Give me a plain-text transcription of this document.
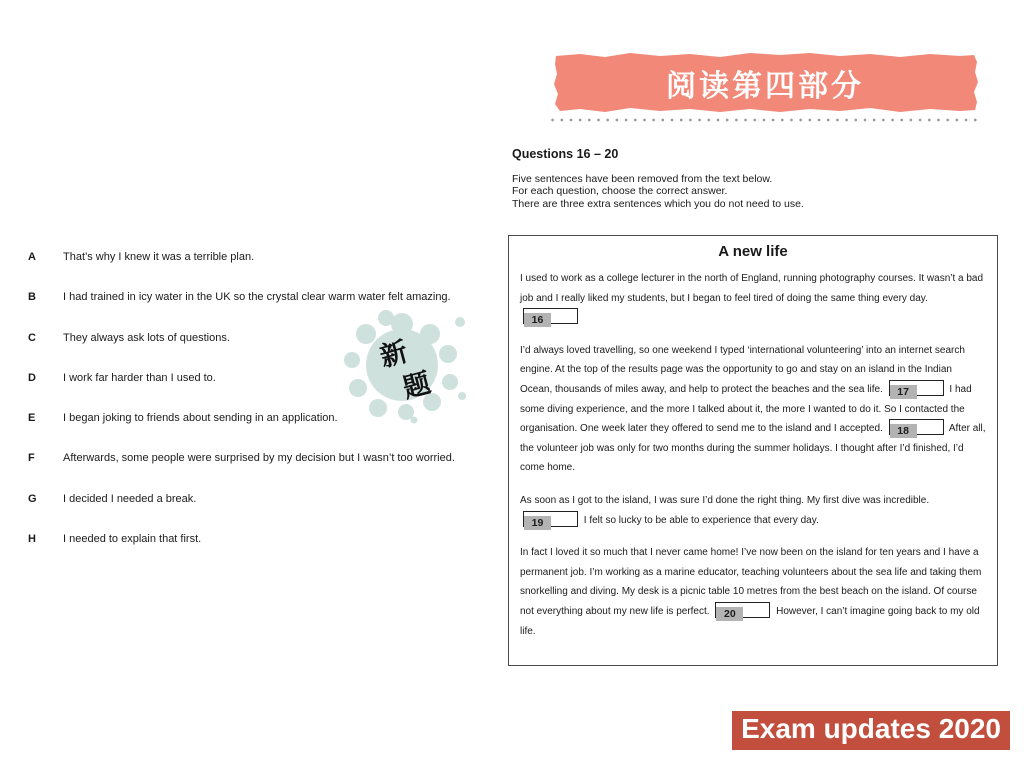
阅读第四部分
Questions 16 – 20
Five sentences have been removed from the text below.
For each question, choose the correct answer.
There are three extra sentences which you do not need to use.
A	That’s why I knew it was a terrible plan.
B	I had trained in icy water in the UK so the crystal clear warm water felt amazing.
C	They always ask lots of questions.
D	I work far harder than I used to.
E	I began joking to friends about sending in an application.
F	Afterwards, some people were surprised by my decision but I wasn’t too worried.
G	I decided I needed a break.
H	I needed to explain that first.
新
题
A new life
I used to work as a college lecturer in the north of England, running photography courses. It wasn’t a bad job and I really liked my students, but I began to feel tired of doing the same thing every day.
16
I’d always loved travelling, so one weekend I typed ‘international volunteering’ into an internet search engine. At the top of the results page was the opportunity to go and stay on an island in the Indian Ocean, thousands of miles away, and help to protect the beaches and the sea life. 17	I had some diving experience, and the more I talked about it, the more I wanted to do it. So I contacted the organisation. One week later they offered to send me to the island and I accepted. 18	After all, the volunteer job was only for two months during the summer holidays. I thought after I’d finished, I’d come home.
As soon as I got to the island, I was sure I’d done the right thing. My first dive was incredible.
19	I felt so lucky to be able to experience that every day.
In fact I loved it so much that I never came home! I’ve now been on the island for ten years and I have a permanent job. I’m working as a marine educator, teaching volunteers about the sea life and taking them snorkelling and diving. My desk is a picnic table 10 metres from the best beach on the island. Of course not everything about my new life is perfect. 20	However, I can’t imagine going back to my old life.
Exam updates 2020
